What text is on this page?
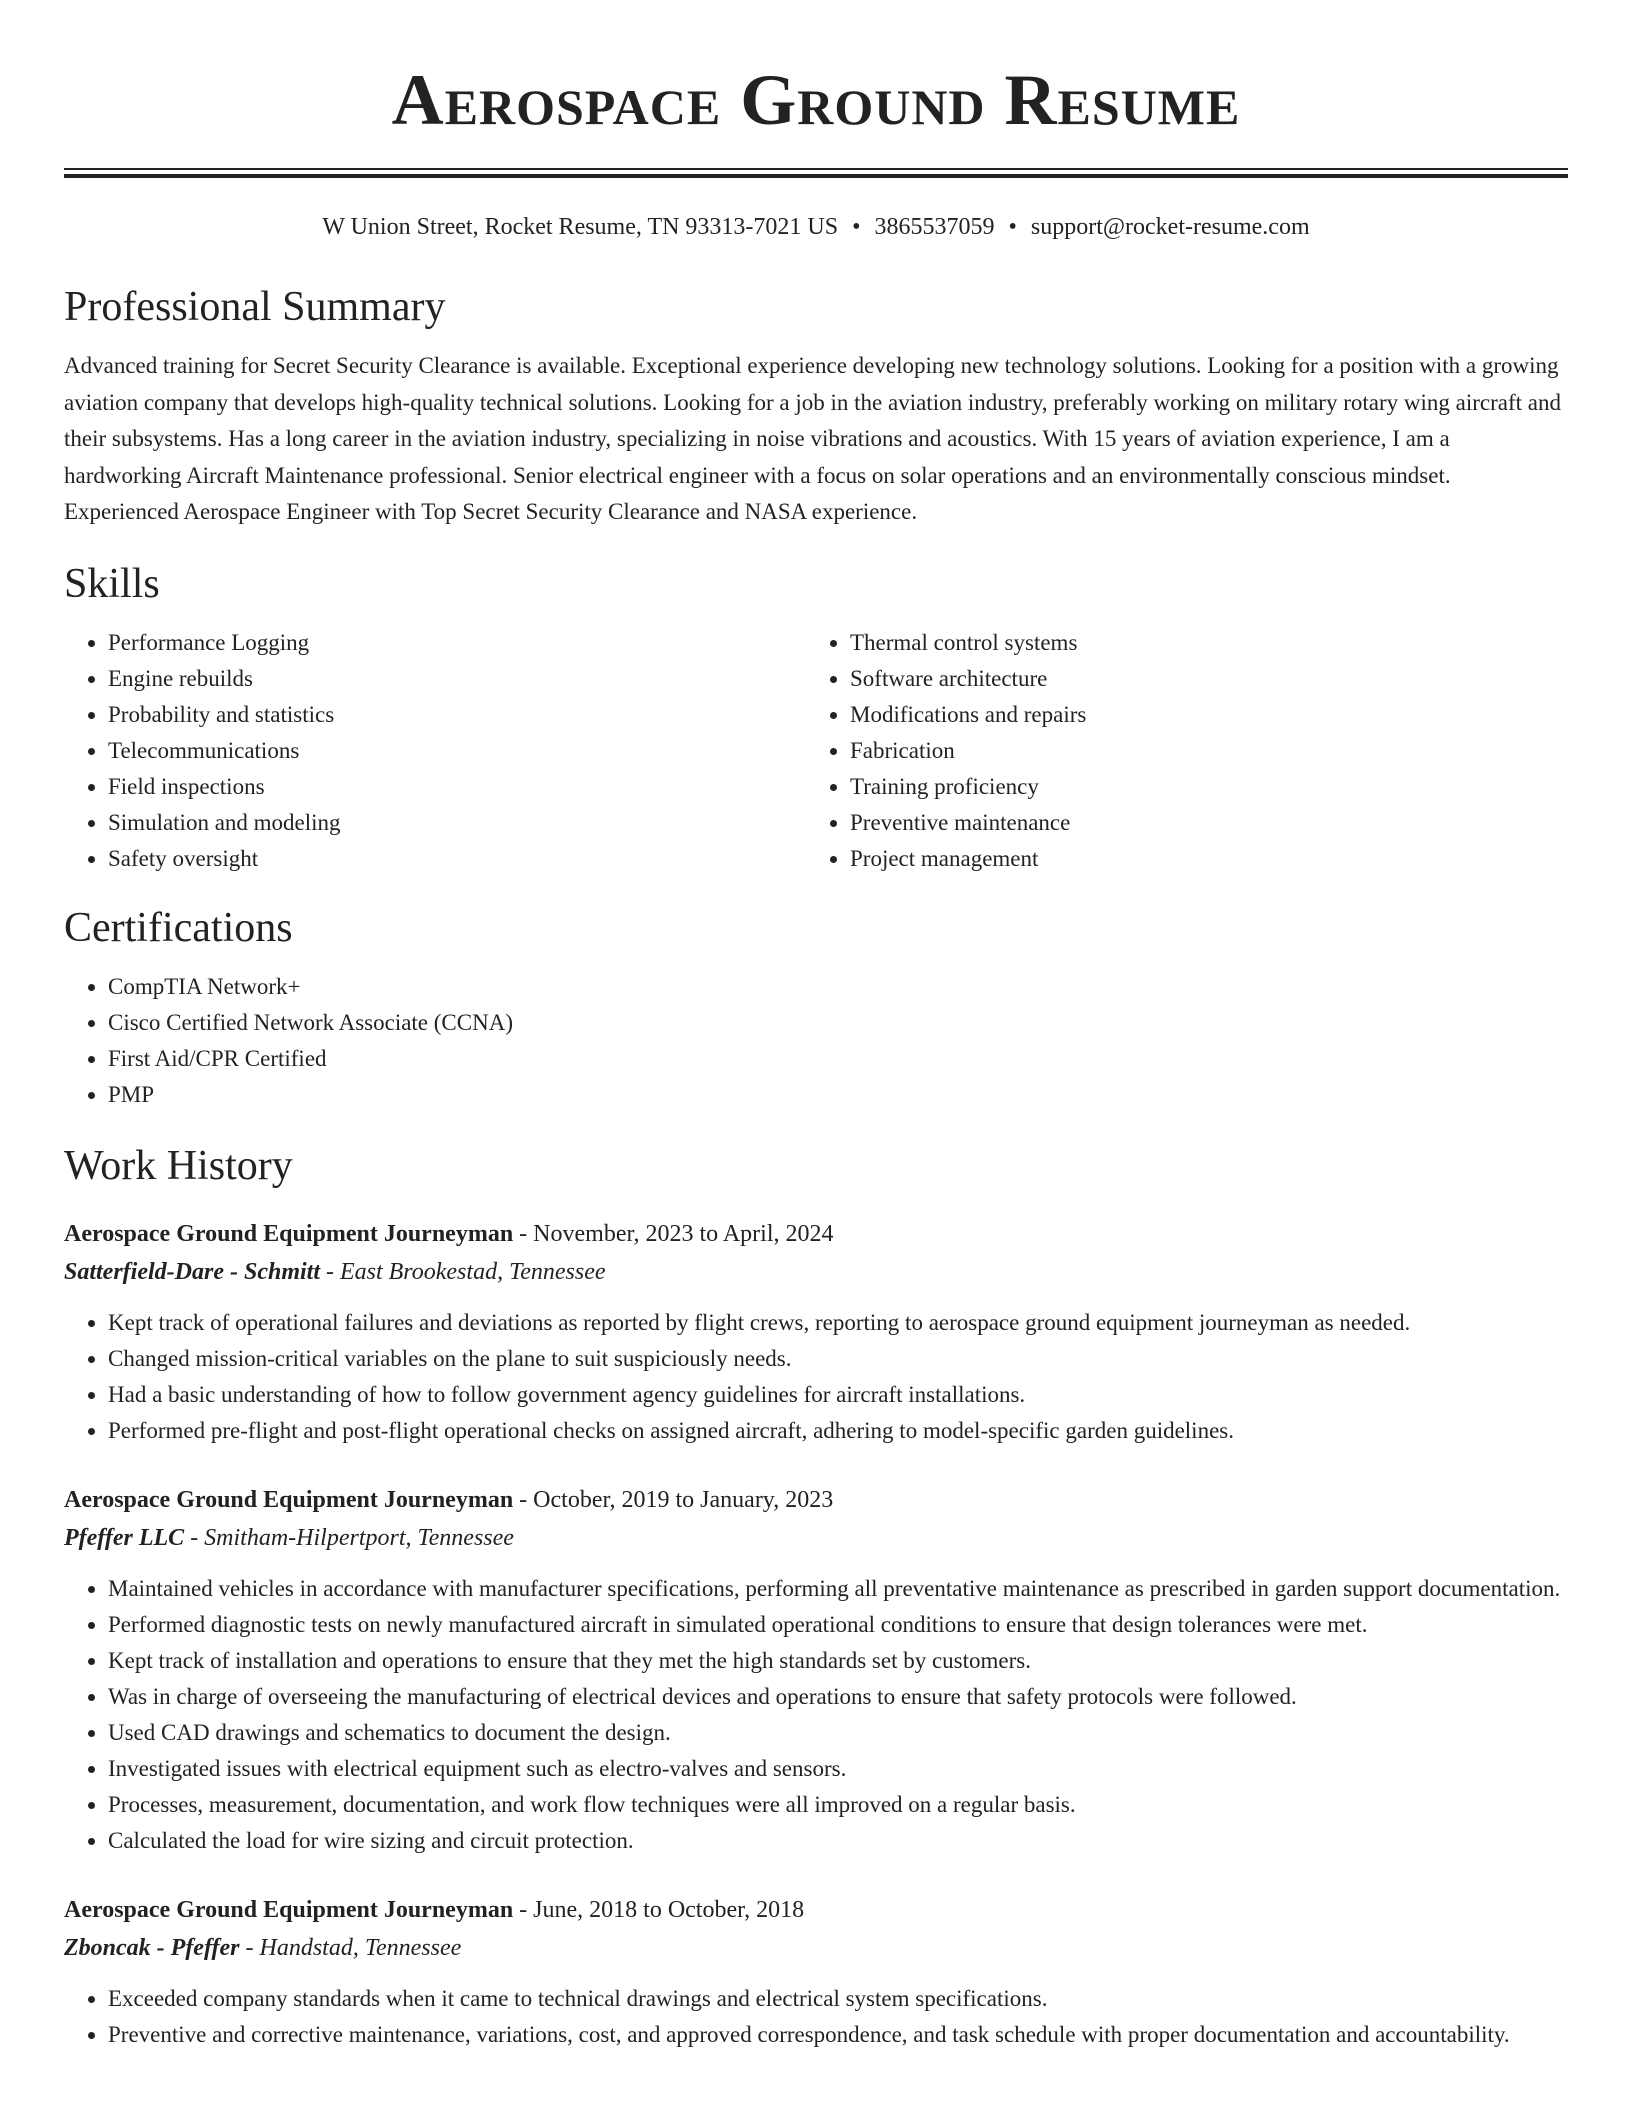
Aerospace Ground Resume
W Union Street, Rocket Resume, TN 93313-7021 US • 3865537059 • support@rocket-resume.com
Professional Summary
Advanced training for Secret Security Clearance is available. Exceptional experience developing new technology solutions. Looking for a position with a growing aviation company that develops high-quality technical solutions. Looking for a job in the aviation industry, preferably working on military rotary wing aircraft and their subsystems. Has a long career in the aviation industry, specializing in noise vibrations and acoustics. With 15 years of aviation experience, I am a hardworking Aircraft Maintenance professional. Senior electrical engineer with a focus on solar operations and an environmentally conscious mindset. Experienced Aerospace Engineer with Top Secret Security Clearance and NASA experience.
Skills
• Performance Logging
• Engine rebuilds
• Probability and statistics
• Telecommunications
• Field inspections
• Simulation and modeling
• Safety oversight
• Thermal control systems
• Software architecture
• Modifications and repairs
• Fabrication
• Training proficiency
• Preventive maintenance
• Project management
Certifications
• CompTIA Network+
• Cisco Certified Network Associate (CCNA)
• First Aid/CPR Certified
• PMP
Work History
Aerospace Ground Equipment Journeyman - November, 2023 to April, 2024
Satterfield-Dare - Schmitt - East Brookestad, Tennessee
• Kept track of operational failures and deviations as reported by flight crews, reporting to aerospace ground equipment journeyman as needed.
• Changed mission-critical variables on the plane to suit suspiciously needs.
• Had a basic understanding of how to follow government agency guidelines for aircraft installations.
• Performed pre-flight and post-flight operational checks on assigned aircraft, adhering to model-specific garden guidelines.
Aerospace Ground Equipment Journeyman - October, 2019 to January, 2023
Pfeffer LLC - Smitham-Hilpertport, Tennessee
• Maintained vehicles in accordance with manufacturer specifications, performing all preventative maintenance as prescribed in garden support documentation.
• Performed diagnostic tests on newly manufactured aircraft in simulated operational conditions to ensure that design tolerances were met.
• Kept track of installation and operations to ensure that they met the high standards set by customers.
• Was in charge of overseeing the manufacturing of electrical devices and operations to ensure that safety protocols were followed.
• Used CAD drawings and schematics to document the design.
• Investigated issues with electrical equipment such as electro-valves and sensors.
• Processes, measurement, documentation, and work flow techniques were all improved on a regular basis.
• Calculated the load for wire sizing and circuit protection.
Aerospace Ground Equipment Journeyman - June, 2018 to October, 2018
Zboncak - Pfeffer - Handstad, Tennessee
• Exceeded company standards when it came to technical drawings and electrical system specifications.
• Preventive and corrective maintenance, variations, cost, and approved correspondence, and task schedule with proper documentation and accountability.
